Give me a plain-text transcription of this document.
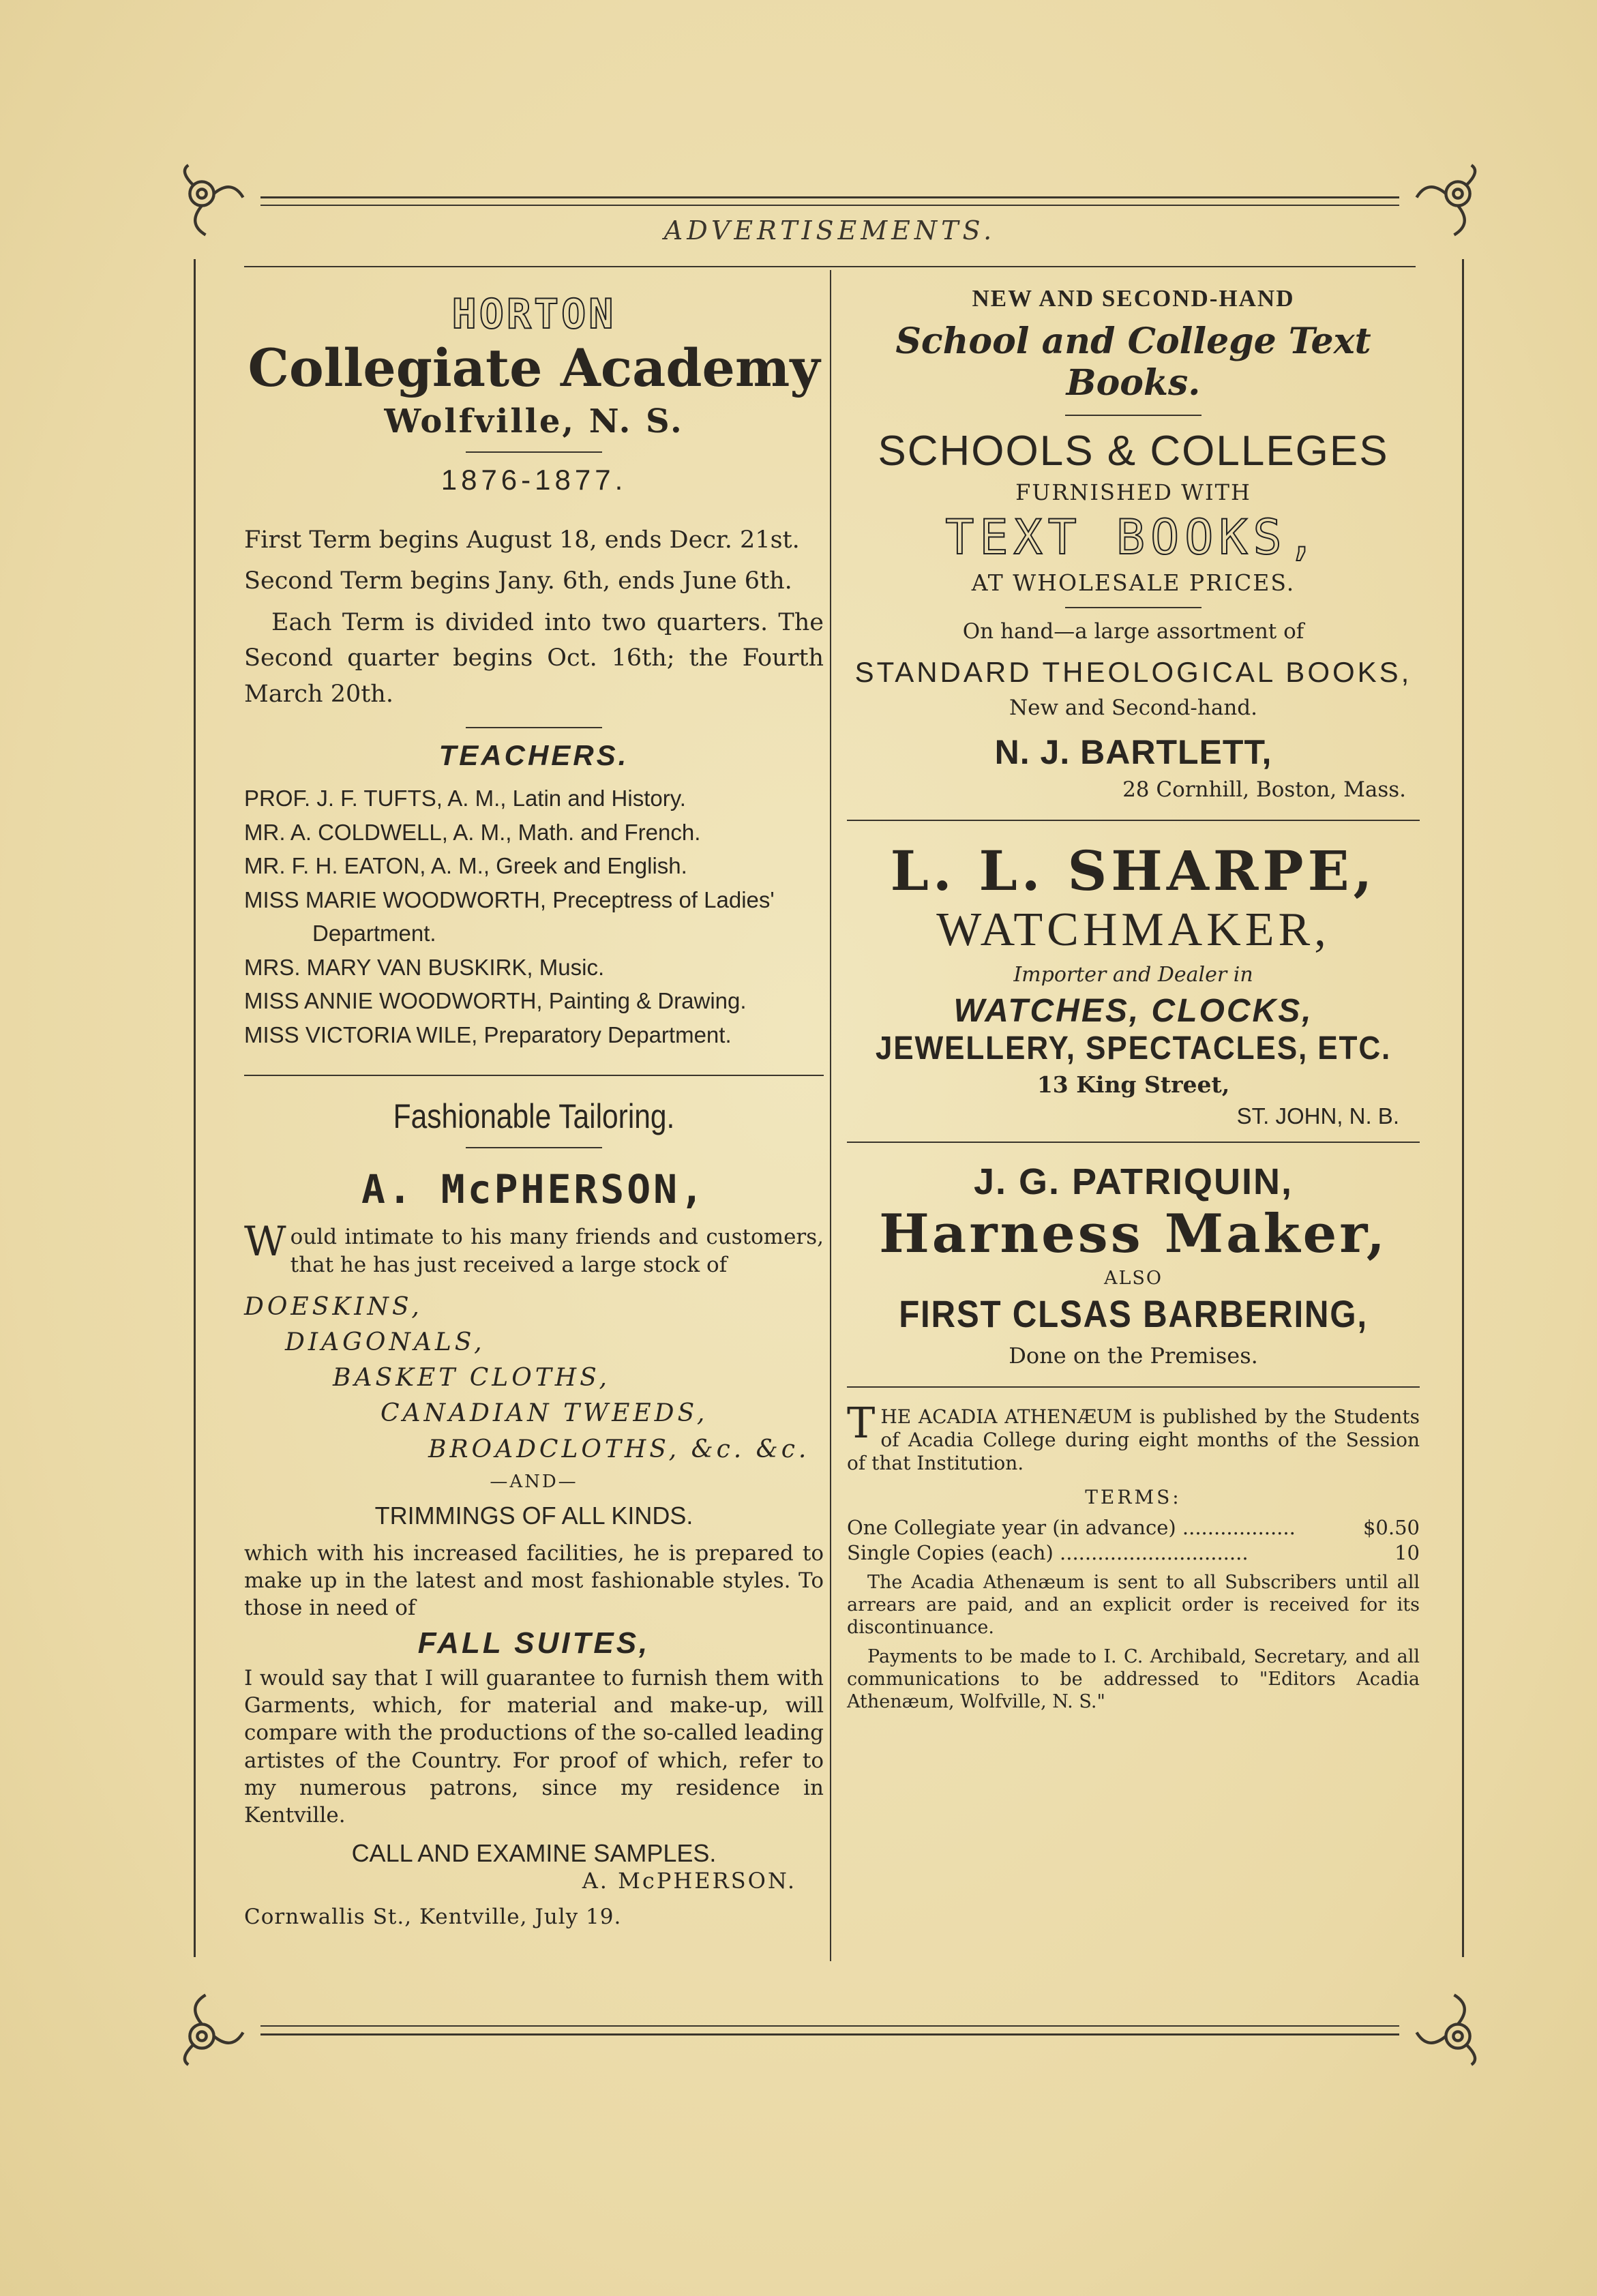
ADVERTISEMENTS.
HORTON
Collegiate Academy
Wolfville, N. S.
1876-1877.
First Term begins August 18, ends Decr. 21st.
Second Term begins Jany. 6th, ends June 6th.
Each Term is divided into two quarters. The Second quarter begins Oct. 16th; the Fourth March 20th.
TEACHERS.
PROF. J. F. TUFTS, A. M., Latin and History.
MR. A. COLDWELL, A. M., Math. and French.
MR. F. H. EATON, A. M., Greek and English.
MISS MARIE WOODWORTH, Preceptress of Ladies'
Department.
MRS. MARY VAN BUSKIRK, Music.
MISS ANNIE WOODWORTH, Painting & Drawing.
MISS VICTORIA WILE, Preparatory Department.
Fashionable Tailoring.
A. McPHERSON,
Would intimate to his many friends and customers, that he has just received a large stock of
DOESKINS,
DIAGONALS,
BASKET CLOTHS,
CANADIAN TWEEDS,
BROADCLOTHS, &c. &c.
—AND—
TRIMMINGS OF ALL KINDS.
which with his increased facilities, he is prepared to make up in the latest and most fashionable styles. To those in need of
FALL SUITES,
I would say that I will guarantee to furnish them with Garments, which, for material and make-up, will compare with the productions of the so-called leading artistes of the Country. For proof of which, refer to my numerous patrons, since my residence in Kentville.
CALL AND EXAMINE SAMPLES.
A. McPHERSON.
Cornwallis St., Kentville, July 19.
NEW AND SECOND-HAND
School and College Text Books.
SCHOOLS & COLLEGES
FURNISHED WITH
TEXT BOOKS,
AT WHOLESALE PRICES.
On hand—a large assortment of
STANDARD THEOLOGICAL BOOKS,
New and Second-hand.
N. J. BARTLETT,
28 Cornhill, Boston, Mass.
L. L. SHARPE,
WATCHMAKER,
Importer and Dealer in
WATCHES, CLOCKS,
JEWELLERY, SPECTACLES, ETC.
13 King Street,
ST. JOHN, N. B.
J. G. PATRIQUIN,
Harness Maker,
ALSO
FIRST CLSAS BARBERING,
Done on the Premises.
THE ACADIA ATHENÆUM is published by the Students of Acadia College during eight months of the Session of that Institution.
TERMS:
One Collegiate year (in advance) ..................	$0.50
Single Copies (each) ..............................	10
The Acadia Athenæum is sent to all Subscribers until all arrears are paid, and an explicit order is received for its discontinuance.
Payments to be made to I. C. Archibald, Secretary, and all communications to be addressed to "Editors Acadia Athenæum, Wolfville, N. S."
